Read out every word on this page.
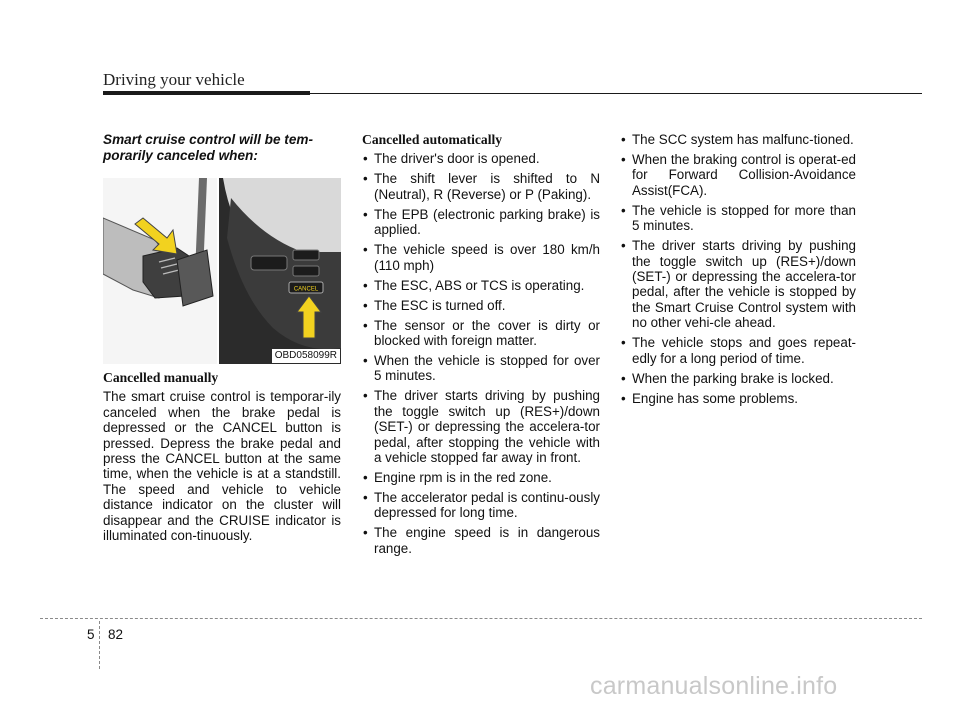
Driving your vehicle

Smart cruise control will be tem-porarily canceled when:

CANCEL
OBD058099R

Cancelled manually

The smart cruise control is temporar-ily canceled when the brake pedal is depressed or the CANCEL button is pressed. Depress the brake pedal and press the CANCEL button at the same time, when the vehicle is at a standstill. The speed and vehicle to vehicle distance indicator on the cluster will disappear and the CRUISE indicator is illuminated con-tinuously.

Cancelled automatically

• The driver's door is opened.
• The shift lever is shifted to N (Neutral), R (Reverse) or P (Paking).
• The EPB (electronic parking brake) is applied.
• The vehicle speed is over 180 km/h (110 mph)
• The ESC, ABS or TCS is operating.
• The ESC is turned off.
• The sensor or the cover is dirty or blocked with foreign matter.
• When the vehicle is stopped for over 5 minutes.
• The driver starts driving by pushing the toggle switch up (RES+)/down (SET-) or depressing the accelera-tor pedal, after stopping the vehicle with a vehicle stopped far away in front.
• Engine rpm is in the red zone.
• The accelerator pedal is continu-ously depressed for long time.
• The engine speed is in dangerous range.
• The SCC system has malfunc-tioned.
• When the braking control is operat-ed for Forward Collision-Avoidance Assist(FCA).
• The vehicle is stopped for more than 5 minutes.
• The driver starts driving by pushing the toggle switch up (RES+)/down (SET-) or depressing the accelera-tor pedal, after the vehicle is stopped by the Smart Cruise Control system with no other vehi-cle ahead.
• The vehicle stops and goes repeat-edly for a long period of time.
• When the parking brake is locked.
• Engine has some problems.
5 82
carmanualsonline.info
